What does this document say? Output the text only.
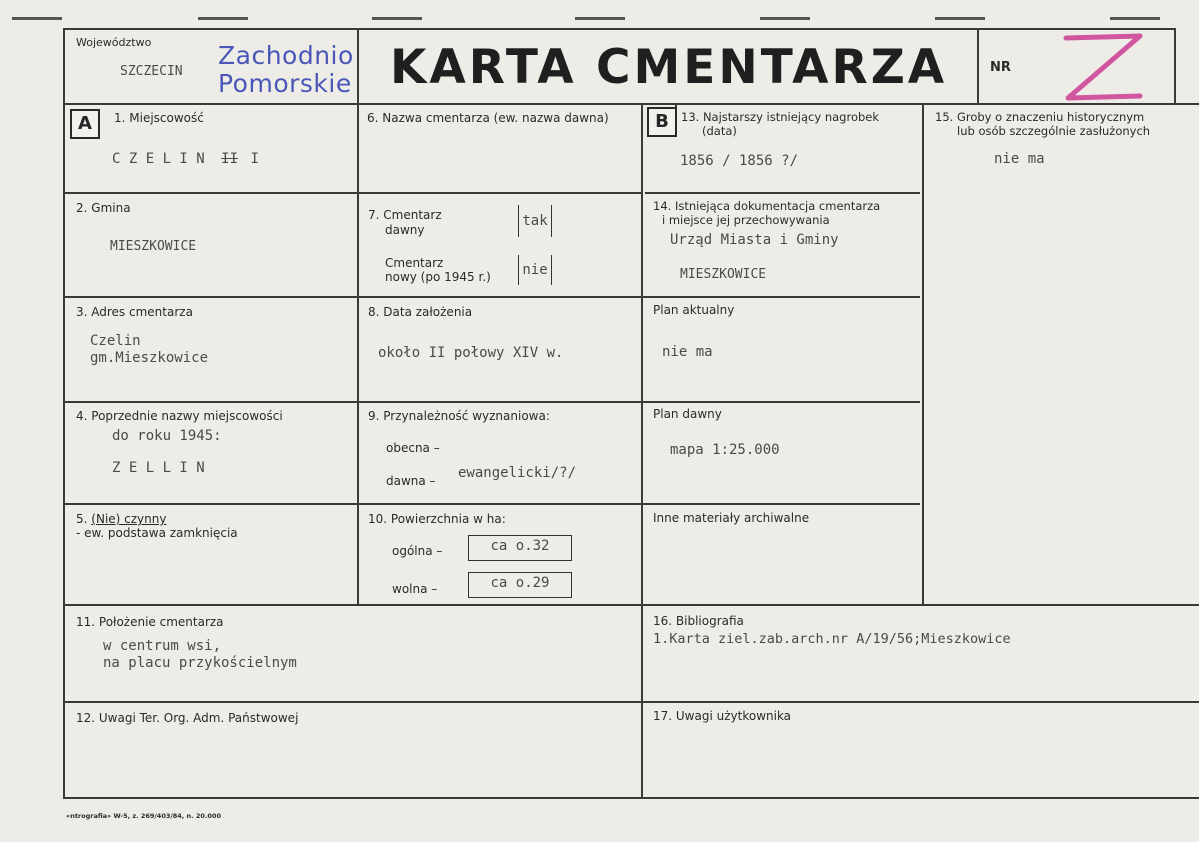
Województwo
SZCZECIN
Zachodnio
Pomorskie KARTA CMENTARZA	NR
A	B
1. Miejscowość
C Z E L I N II I
2. Gmina
MIESZKOWICE
3. Adres cmentarza
Czelin
gm.Mieszkowice
4. Poprzednie nazwy miejscowości
do roku 1945:
Z E L L I N
5. (Nie) czynny
- ew. podstawa zamknięcia
6. Nazwa cmentarza (ew. nazwa dawna)
7. Cmentarz
dawny
tak
Cmentarz
nowy (po 1945 r.)	nie
8. Data założenia
około II połowy XIV w.
9. Przynależność wyznaniowa:
obecna –
dawna – ewangelicki/?/
10. Powierzchnia w ha:
ogólna –	ca o.32
wolna –	ca o.29
13. Najstarszy istniejący nagrobek
(data)
1856 / 1856 ?/
14. Istniejąca dokumentacja cmentarza
i miejsce jej przechowywania
Urząd Miasta i Gminy
MIESZKOWICE
Plan aktualny
nie ma
Plan dawny
mapa 1:25.000
Inne materiały archiwalne
15. Groby o znaczeniu historycznym
lub osób szczególnie zasłużonych
nie ma
11. Położenie cmentarza
w centrum wsi,
na placu przykościelnym
16. Bibliografia
1.Karta ziel.zab.arch.nr A/19/56;Mieszkowice
12. Uwagi Ter. Org. Adm. Państwowej	17. Uwagi użytkownika
«ntrografia» W-5, z. 269/403/84, n. 20.000
